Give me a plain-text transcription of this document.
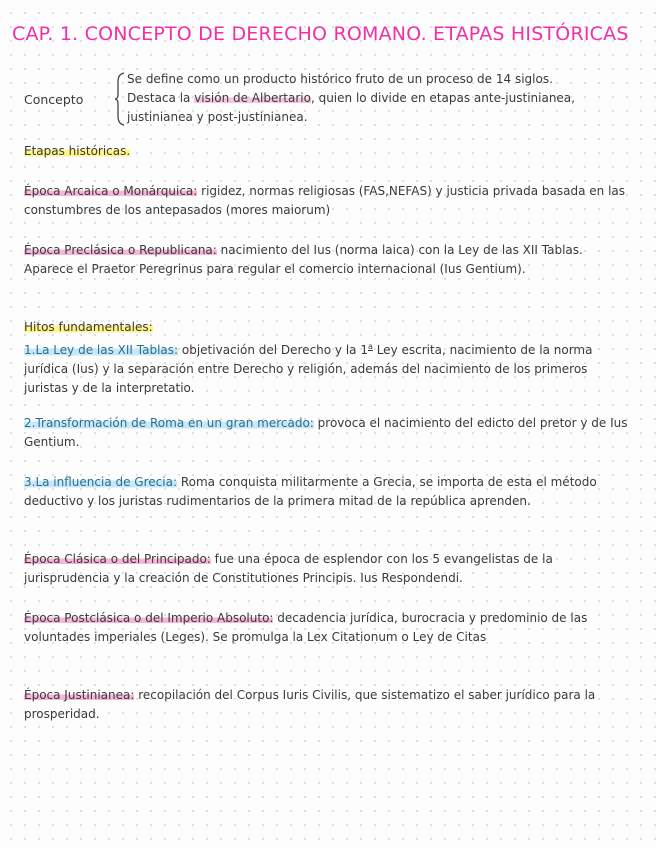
CAP. 1. CONCEPTO DE DERECHO ROMANO. ETAPAS HISTÓRICAS
Concepto
Se define como un producto histórico fruto de un proceso de 14 siglos.
Destaca la visión de Albertario, quien lo divide en etapas ante-justinianea,
justinianea y post-justinianea.
Etapas históricas.
Época Arcaica o Monárquica: rigidez, normas religiosas (FAS,NEFAS) y justicia privada basada en las constumbres de los antepasados (mores maiorum)
Época Preclásica o Republicana: nacimiento del Ius (norma laica) con la Ley de las XII Tablas. Aparece el Praetor Peregrinus para regular el comercio internacional (Ius Gentium).
Hitos fundamentales:
1.La Ley de las XII Tablas: objetivación del Derecho y la 1$^a$ Ley escrita, nacimiento de la norma jurídica (Ius) y la separación entre Derecho y religión, además del nacimiento de los primeros juristas y de la interpretatio.
2.Transformación de Roma en un gran mercado: provoca el nacimiento del edicto del pretor y de Ius Gentium.
3.La influencia de Grecia: Roma conquista militarmente a Grecia, se importa de esta el método deductivo y los juristas rudimentarios de la primera mitad de la república aprenden.
Época Clásica o del Principado: fue una época de esplendor con los 5 evangelistas de la jurisprudencia y la creación de Constitutiones Principis. Ius Respondendi.
Época Postclásica o del Imperio Absoluto: decadencia jurídica, burocracia y predominio de las voluntades imperiales (Leges). Se promulga la Lex Citationum o Ley de Citas
Época Justinianea: recopilación del Corpus Iuris Civilis, que sistematizo el saber jurídico para la prosperidad.
